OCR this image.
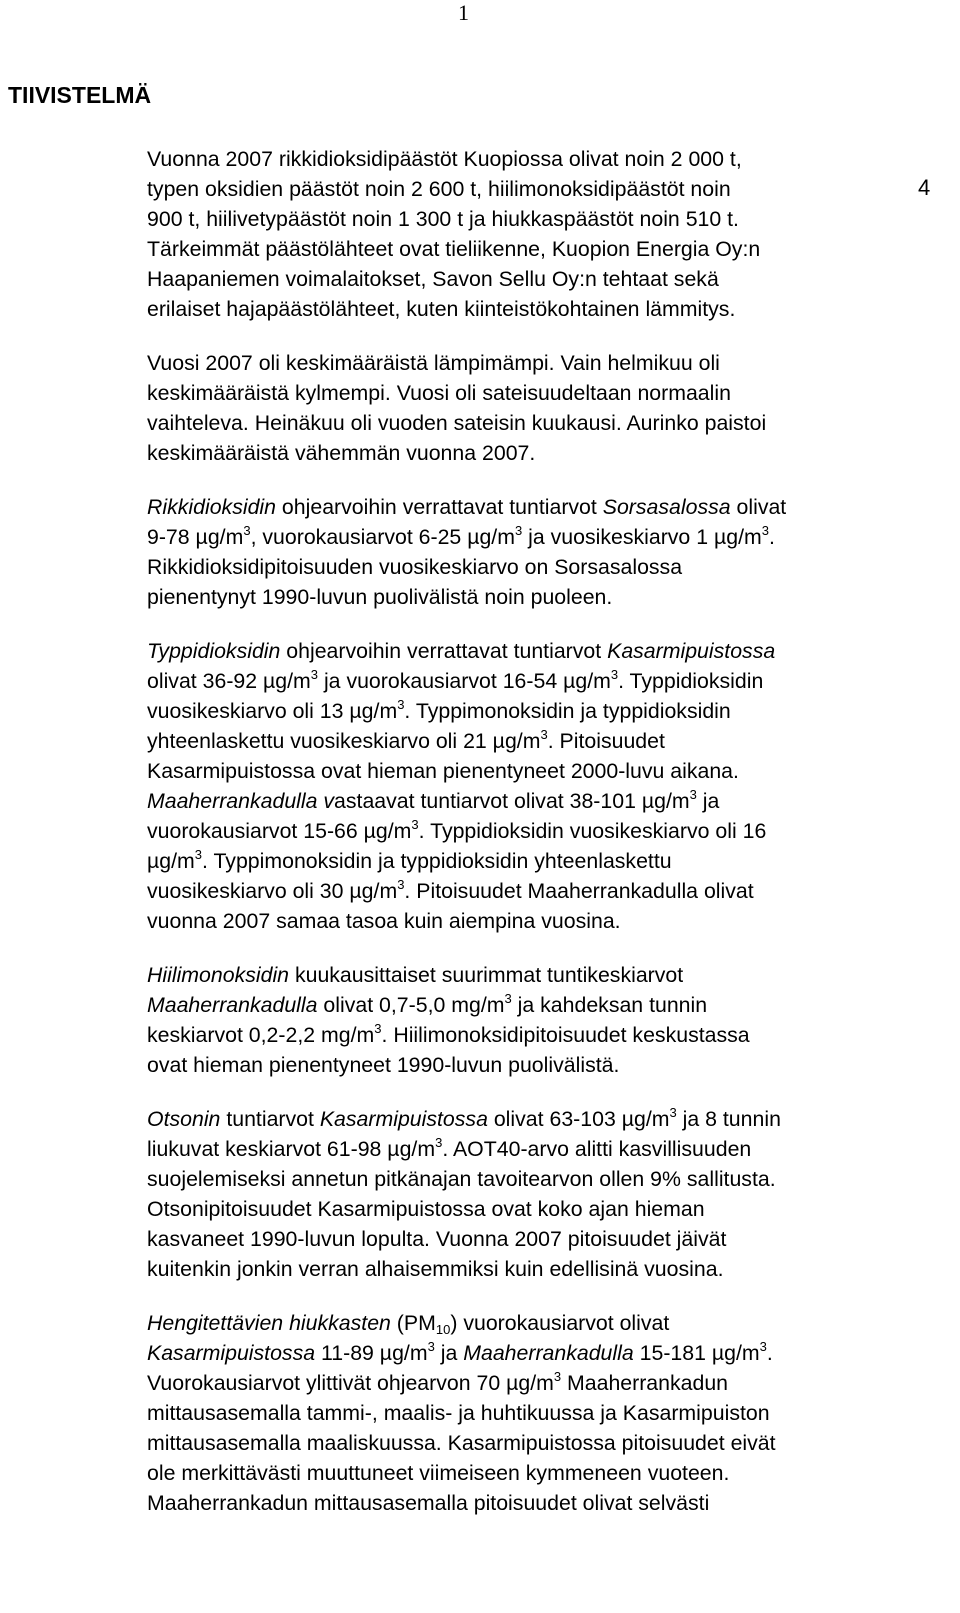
1
TIIVISTELMÄ
4

Vuonna 2007 rikkidioksidipäästöt Kuopiossa olivat noin 2 000 t,
typen oksidien päästöt noin 2 600 t, hiilimonoksidipäästöt noin
900 t, hiilivetypäästöt noin 1 300 t ja hiukkaspäästöt noin 510 t.
Tärkeimmät päästölähteet ovat tieliikenne, Kuopion Energia Oy:n
Haapaniemen voimalaitokset, Savon Sellu Oy:n tehtaat sekä
erilaiset hajapäästölähteet, kuten kiinteistökohtainen lämmitys.

Vuosi 2007 oli keskimääräistä lämpimämpi. Vain helmikuu oli
keskimääräistä kylmempi. Vuosi oli sateisuudeltaan normaalin
vaihteleva. Heinäkuu oli vuoden sateisin kuukausi. Aurinko paistoi
keskimääräistä vähemmän vuonna 2007.

Rikkidioksidin ohjearvoihin verrattavat tuntiarvot Sorsasalossa olivat
9-78 $\mu g/m^3$, vuorokausiarvot 6-25 $\mu g/m^3$ ja vuosikeskiarvo 1 $\mu g/m^3$.
Rikkidioksidipitoisuuden vuosikeskiarvo on Sorsasalossa
pienentynyt 1990-luvun puolivälistä noin puoleen.

Typpidioksidin ohjearvoihin verrattavat tuntiarvot Kasarmipuistossa
olivat 36-92 $\mu g/m^3$ ja vuorokausiarvot 16-54 $\mu g/m^3$. Typpidioksidin
vuosikeskiarvo oli 13 $\mu g/m^3$. Typpimonoksidin ja typpidioksidin
yhteenlaskettu vuosikeskiarvo oli 21 $\mu g/m^3$. Pitoisuudet
Kasarmipuistossa ovat hieman pienentyneet 2000-luvu aikana.
Maaherrankadulla vastaavat tuntiarvot olivat 38-101 $\mu g/m^3$ ja
vuorokausiarvot 15-66 $\mu g/m^3$. Typpidioksidin vuosikeskiarvo oli 16
$\mu g/m^3$. Typpimonoksidin ja typpidioksidin yhteenlaskettu
vuosikeskiarvo oli 30 $\mu g/m^3$. Pitoisuudet Maaherrankadulla olivat
vuonna 2007 samaa tasoa kuin aiempina vuosina.

Hiilimonoksidin kuukausittaiset suurimmat tuntikeskiarvot
Maaherrankadulla olivat 0,7-5,0 $mg/m^3$ ja kahdeksan tunnin
keskiarvot 0,2-2,2 $mg/m^3$. Hiilimonoksidipitoisuudet keskustassa
ovat hieman pienentyneet 1990-luvun puolivälistä.

Otsonin tuntiarvot Kasarmipuistossa olivat 63-103 $\mu g/m^3$ ja 8 tunnin
liukuvat keskiarvot 61-98 $\mu g/m^3$. AOT40-arvo alitti kasvillisuuden
suojelemiseksi annetun pitkänajan tavoitearvon ollen 9% sallitusta.
Otsonipitoisuudet Kasarmipuistossa ovat koko ajan hieman
kasvaneet 1990-luvun lopulta. Vuonna 2007 pitoisuudet jäivät
kuitenkin jonkin verran alhaisemmiksi kuin edellisinä vuosina.

Hengitettävien hiukkasten $(PM_{10})$ vuorokausiarvot olivat
Kasarmipuistossa 11-89 $\mu g/m^3$ ja Maaherrankadulla 15-181 $\mu g/m^3$.
Vuorokausiarvot ylittivät ohjearvon 70 $\mu g/m^3$ Maaherrankadun
mittausasemalla tammi-, maalis- ja huhtikuussa ja Kasarmipuiston
mittausasemalla maaliskuussa. Kasarmipuistossa pitoisuudet eivät
ole merkittävästi muuttuneet viimeiseen kymmeneen vuoteen.
Maaherrankadun mittausasemalla pitoisuudet olivat selvästi
